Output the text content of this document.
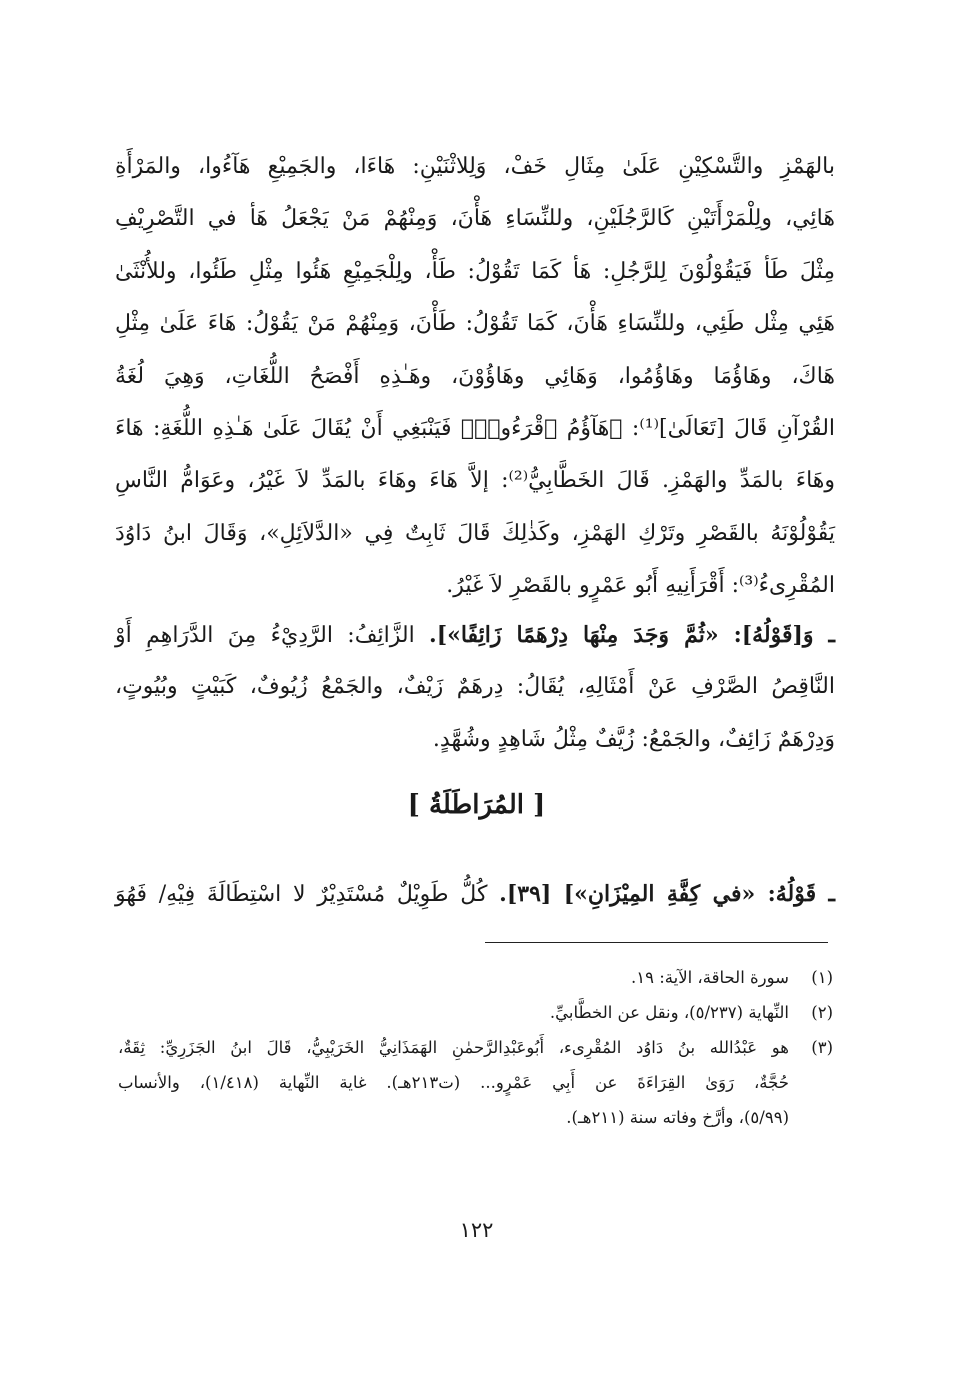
بالهَمْزِ والتَّسْكِيْنِ عَلَىٰ مِثَالِ خَفْ، وَلِلاثْنَيْنِ: هَاءَا، والجَمِيْعِ هَآءُوا، والمَرْأَةِ
هَائِي، ولِلْمَرْأَتَيْنِ كَالرَّجُلَيْنِ، وللنِّسَاءِ هَأْنَ، وَمِنْهُمْ مَنْ يَجْعَلُ هَأ في التَّصْرِيْفِ
مِثْلَ طَأ فَيَقُوْلُوْنَ لِلرَّجُلِ: هَأ كَمَا تَقُوْلُ: طَأْ، ولِلْجَمِيْعِ هَئُوا مِثْلِ طَئُوا، وللأُنْثَىٰ
هَئِي مِثْل طَئِي، وللنِّسَاءِ هَأْنَ، كَمَا تَقُوْلُ: طَأْنَ، وَمِنْهُمْ مَنْ يَقُوْلُ: هَاءَ عَلَىٰ مِثْلِ
هَاكَ، وهَاؤُمَا وهَاؤُمُوا، وَهَائِي وهَاؤُوْنَ، وهَـٰذِهِ أَفْصَحُ اللُّغَاتِ، وَهِيَ لُغَةُ
القُرْآنِ قَالَ [تَعَالَىٰ]⁽¹⁾: ﴿هَآؤُمُ ٱقْرَءُوا۟﴾ فَيَنْبَغِي أَنْ يُقَالَ عَلَىٰ هَـٰذِهِ اللُّغَةِ: هَاءَ
وهَاءَ بالمَدِّ والهَمْزِ. قَالَ الخَطَّابِيُّ⁽²⁾: إلاَّ هَاءَ وهَاءَ بالمَدِّ لاَ غَيْرُ، وعَوَامُّ النَّاسِ
يَقُوْلُوْنَهُ بالقَصْرِ وتَرْكِ الهَمْزِ، وكَذٰلِكَ قَالَ ثَابِتٌ فِي «الدَّلاَئِلِ»، وَقَالَ ابنُ دَاوُدَ
المُقْرِىءُ⁽³⁾: أَقْرَأَنِيهِ أَبُو عَمْرٍو بالقَصْرِ لاَ غَيْرُ.
ـ وَ[قَوْلُهُ]: «ثُمَّ وَجَدَ مِنْهَا دِرْهَمًا زَائِفًا»]. الزَّائِفُ: الرَّدِيْءُ مِنَ الدَّرَاهِمِ أَوْ
النَّاقِصُ الصَّرْفِ عَنْ أَمْثَالِهِ، يُقَالُ: دِرهَمٌ زَيْفٌ، والجَمْعُ زُيُوفٌ، كَبَيْتٍ وبُيُوتٍ،
وَدِرْهَمٌ زَائِفٌ، والجَمْعُ: زُيَّفٌ مِثْلُ شَاهِدٍ وشُهَّدٍ.
[ المُرَاطَلَةُ ]
ـ قَوْلُهُ: «في كِفَّةِ المِيْزَانِ»] [٣٩]. كُلُّ طَوِيْلٌ مُسْتَدِيْرٌ لا اسْتِطَالَةَ فِيْهِ/ فَهُوَ
(١)
سورة الحاقة، الآية: ١٩.
(٢)
النِّهاية (٥/٢٣٧)، ونقل عن الخطَّابيِّ.
(٣)
هو عَبْدُالله بنُ دَاوُد المُقْرِىء، أَبُوعَبْدِالرَّحمٰنِ الهَمَذَانِيُّ الخَرَيْبِيُّ، قَالَ ابنُ الجَزَرِيِّ: ثِقَةٌ،
حُجَّةٌ، رَوَىٰ القِرَاءَةَ عن أَبِي عَمْرٍو... (ت٢١٣هـ). غاية النِّهاية (١/٤١٨)، والأنساب
(٥/٩٩)، وأرَّخ وفاته سنة (٢١١هـ).
١٢٢
